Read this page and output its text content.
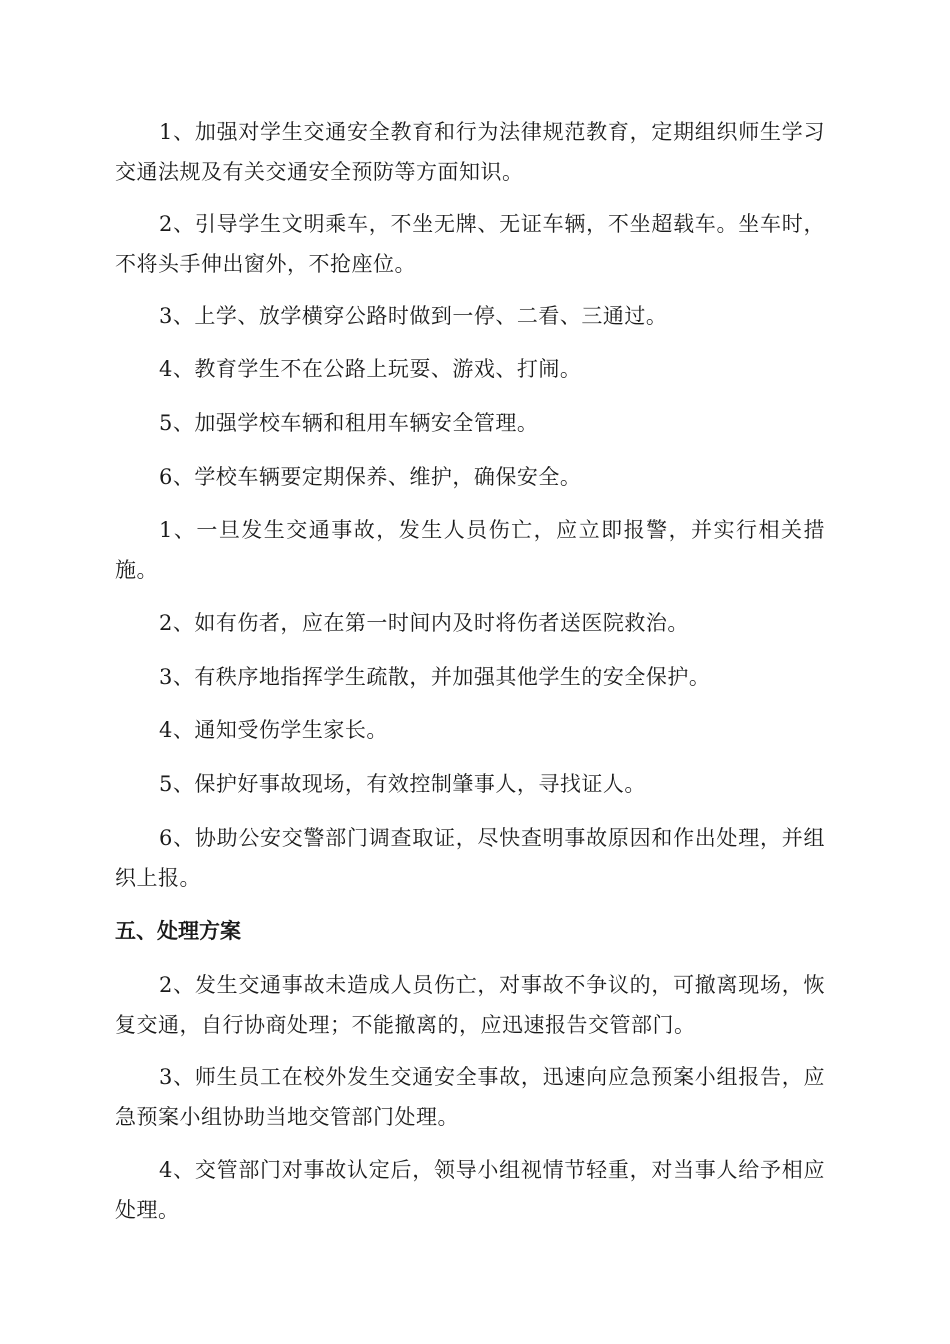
1、加强对学生交通安全教育和行为法律规范教育，定期组织师生学习交通法规及有关交通安全预防等方面知识。

2、引导学生文明乘车，不坐无牌、无证车辆，不坐超载车。坐车时，不将头手伸出窗外，不抢座位。

3、上学、放学横穿公路时做到一停、二看、三通过。

4、教育学生不在公路上玩耍、游戏、打闹。

5、加强学校车辆和租用车辆安全管理。

6、学校车辆要定期保养、维护，确保安全。

1、一旦发生交通事故，发生人员伤亡，应立即报警，并实行相关措施。

2、如有伤者，应在第一时间内及时将伤者送医院救治。

3、有秩序地指挥学生疏散，并加强其他学生的安全保护。

4、通知受伤学生家长。

5、保护好事故现场，有效控制肇事人，寻找证人。

6、协助公安交警部门调查取证，尽快查明事故原因和作出处理，并组织上报。

五、处理方案

2、发生交通事故未造成人员伤亡，对事故不争议的，可撤离现场，恢复交通，自行协商处理；不能撤离的，应迅速报告交管部门。

3、师生员工在校外发生交通安全事故，迅速向应急预案小组报告，应急预案小组协助当地交管部门处理。

4、交管部门对事故认定后，领导小组视情节轻重，对当事人给予相应处理。
